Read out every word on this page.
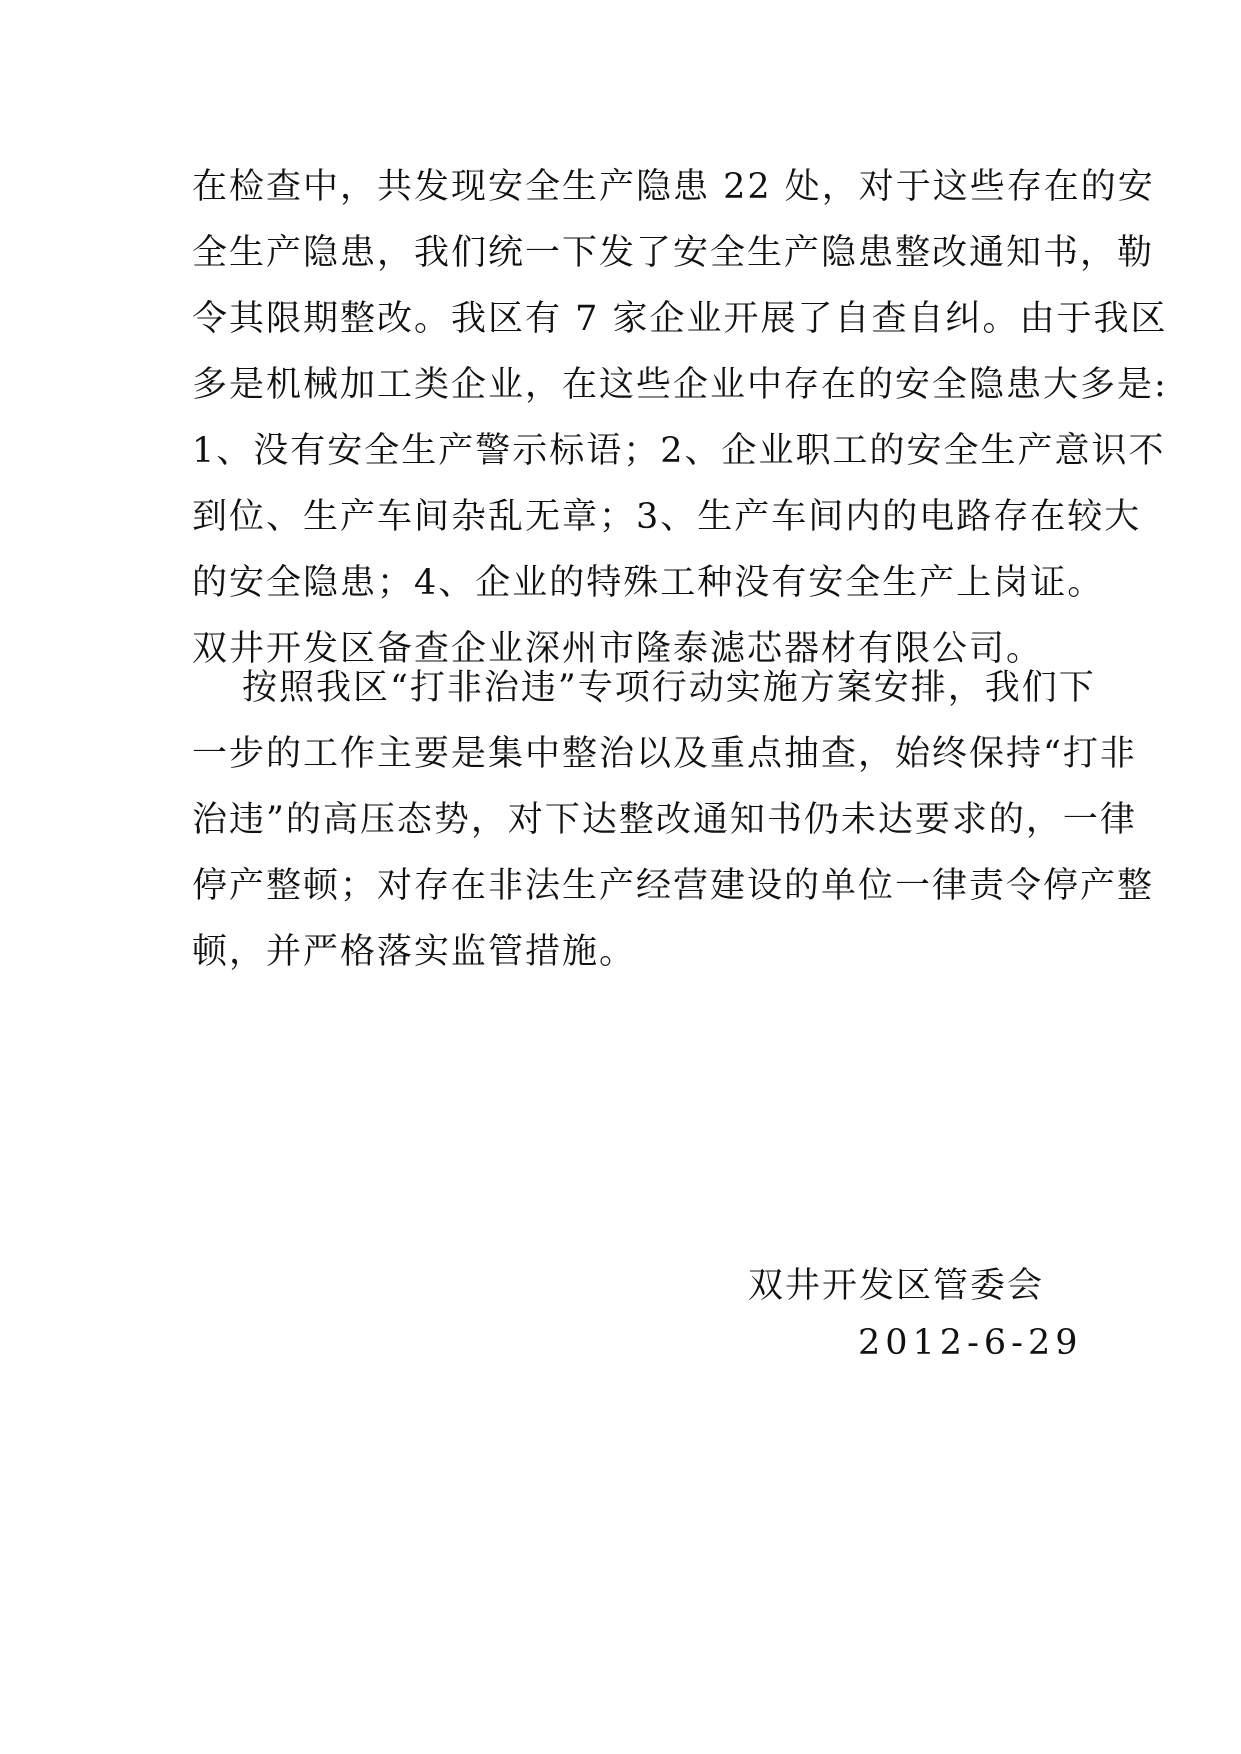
在检查中，共发现安全生产隐患 22 处，对于这些存在的安
全生产隐患，我们统一下发了安全生产隐患整改通知书，勒
令其限期整改。我区有 7 家企业开展了自查自纠。由于我区
多是机械加工类企业，在这些企业中存在的安全隐患大多是:
1、没有安全生产警示标语；2、企业职工的安全生产意识不
到位、生产车间杂乱无章；3、生产车间内的电路存在较大
的安全隐患；4、企业的特殊工种没有安全生产上岗证。
双井开发区备查企业深州市隆泰滤芯器材有限公司。
按照我区“打非治违”专项行动实施方案安排，我们下
一步的工作主要是集中整治以及重点抽查，始终保持“打非
治违”的高压态势，对下达整改通知书仍未达要求的，一律
停产整顿；对存在非法生产经营建设的单位一律责令停产整
顿，并严格落实监管措施。
双井开发区管委会
2012-6-29
